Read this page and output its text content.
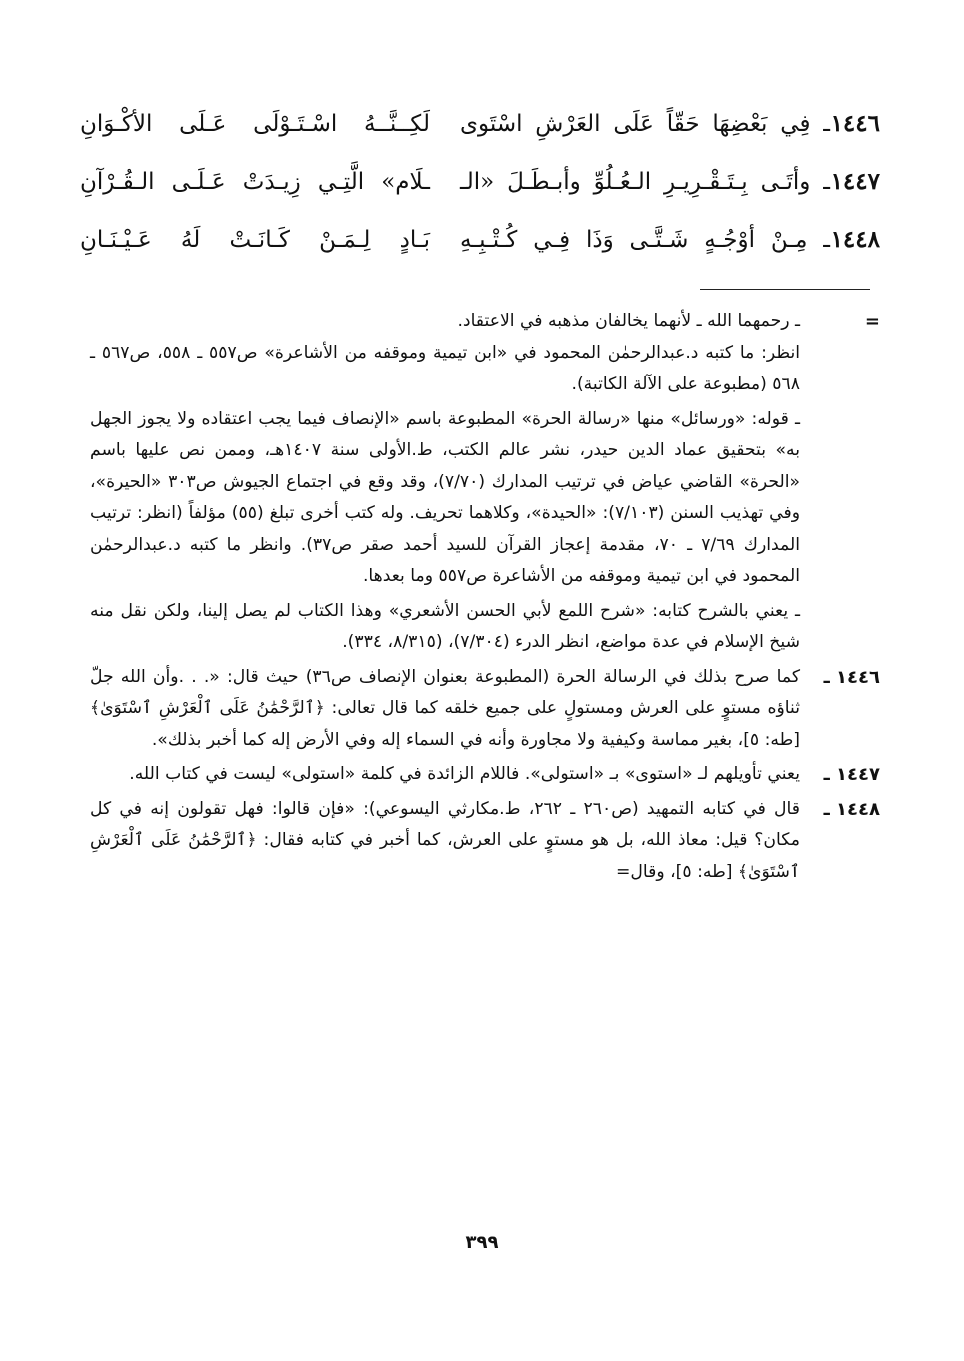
١٤٤٦
ـ فِي بَعْضِهَا حَقّاً عَلَى العَرْشِ اسْتَوى
لَكِــنَّــهُ اسْـتَـوْلَى عَـلَى الأكْـوَانِ
١٤٤٧
ـ وأتَـى بِـتَـقْـرِيـرِ الـعُـلُوِّ وأبـطَـلَ «الـ
ـلَام» الَّتِـي زِيـدَتْ عَـلَـى الـقُـرْآنِ
١٤٤٨
ـ مِـنْ أوْجُـهٍ شَـتَّـى وَذَا فِـي كُـتْـبِـهِ
بَـادٍ لِـمَـنْ كَـانَـتْ لَهُ عَـيْـنَـانِ
=

ـ رحمهما الله ـ لأنهما يخالفان مذهبه في الاعتقاد.

انظر: ما كتبه د.عبدالرحمٰن المحمود في «ابن تيمية وموقفه من الأشاعرة» ص٥٥٧ ـ ٥٥٨، ص٥٦٧ ـ ٥٦٨ (مطبوعة على الآلة الكاتبة).

ـ قوله: «ورسائل» منها «رسالة الحرة» المطبوعة باسم «الإنصاف فيما يجب اعتقاده ولا يجوز الجهل به» بتحقيق عماد الدين حيدر، نشر عالم الكتب، ط.الأولى سنة ١٤٠٧هـ، وممن نص عليها باسم «الحرة» القاضي عياض في ترتيب المدارك (٧/٧٠)، وقد وقع في اجتماع الجيوش ص٣٠٣ «الحيرة»، وفي تهذيب السنن (٧/١٠٣): «الحيدة»، وكلاهما تحريف. وله كتب أخرى تبلغ (٥٥) مؤلفاً (انظر: ترتيب المدارك ٧/٦٩ ـ ٧٠، مقدمة إعجاز القرآن للسيد أحمد صقر ص٣٧). وانظر ما كتبه د.عبدالرحمٰن المحمود في ابن تيمية وموقفه من الأشاعرة ص٥٥٧ وما بعدها.

ـ يعني بالشرح كتابه: «شرح اللمع لأبي الحسن الأشعري» وهذا الكتاب لم يصل إلينا، ولكن نقل منه شيخ الإسلام في عدة مواضع، انظر الدرء (٧/٣٠٤)، (٨/٣١٥، ٣٣٤).

١٤٤٦ ـ

كما صرح بذلك في الرسالة الحرة (المطبوعة بعنوان الإنصاف ص٣٦) حيث قال: «. . .وأن الله جلّ ثناؤه مستوٍ على العرش ومستولٍ على جميع خلقه كما قال تعالى: ﴿ٱلرَّحْمَٰنُ عَلَى ٱلْعَرْشِ ٱسْتَوَىٰ﴾ [طه: ٥]، بغير مماسة وكيفية ولا مجاورة وأنه في السماء إله وفي الأرض إله كما أخبر بذلك».

١٤٤٧ ـ

يعني تأويلهم لـ «استوى» بـ «استولى». فاللام الزائدة في كلمة «استولى» ليست في كتاب الله.

١٤٤٨ ـ

قال في كتابه التمهيد (ص٢٦٠ ـ ٢٦٢، ط.مكارثي اليسوعي): «فإن قالوا: فهل تقولون إنه في كل مكان؟ قيل: معاذ الله، بل هو مستوٍ على العرش، كما أخبر في كتابه فقال: ﴿ٱلرَّحْمَٰنُ عَلَى ٱلْعَرْشِ ٱسْتَوَىٰ﴾ [طه: ٥]، وقال=

٣٩٩
